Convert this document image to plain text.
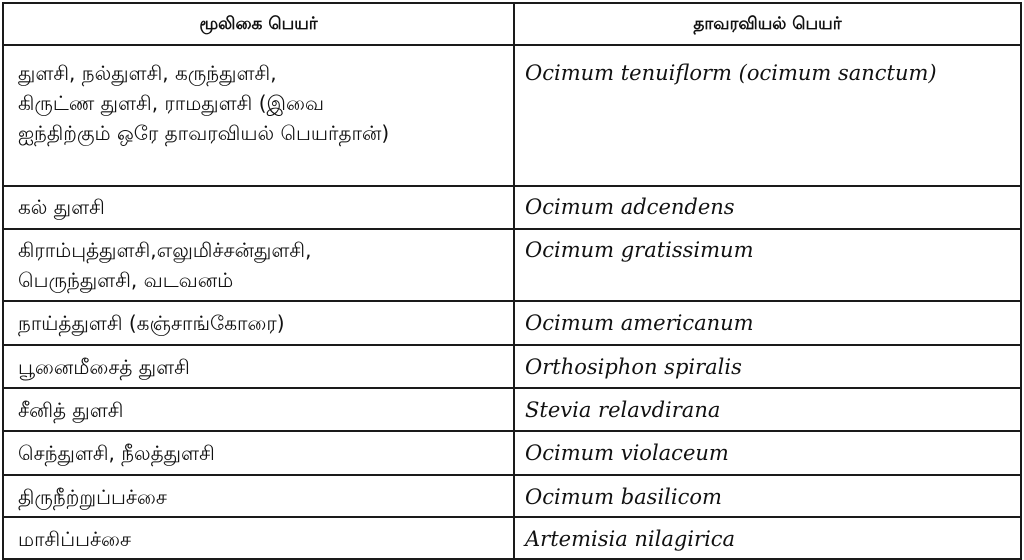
மூலிகை பெயர்	தாவரவியல் பெயர்

துளசி, நல்துளசி, கருந்துளசி,
கிருட்ண துளசி, ராமதுளசி (இவை
ஐந்திற்கும் ஒரே தாவரவியல் பெயர்தான்)	Ocimum tenuiflorm (ocimum sanctum)

கல் துளசி	Ocimum adcendens

கிராம்புத்துளசி,எலுமிச்சன்துளசி,
பெருந்துளசி, வடவனம்	Ocimum gratissimum

நாய்த்துளசி (கஞ்சாங்கோரை)	Ocimum americanum

பூனைமீசைத் துளசி	Orthosiphon spiralis

சீனித் துளசி	Stevia relavdirana

செந்துளசி, நீலத்துளசி	Ocimum violaceum

திருநீற்றுப்பச்சை	Ocimum basilicom

மாசிப்பச்சை	Artemisia nilagirica
